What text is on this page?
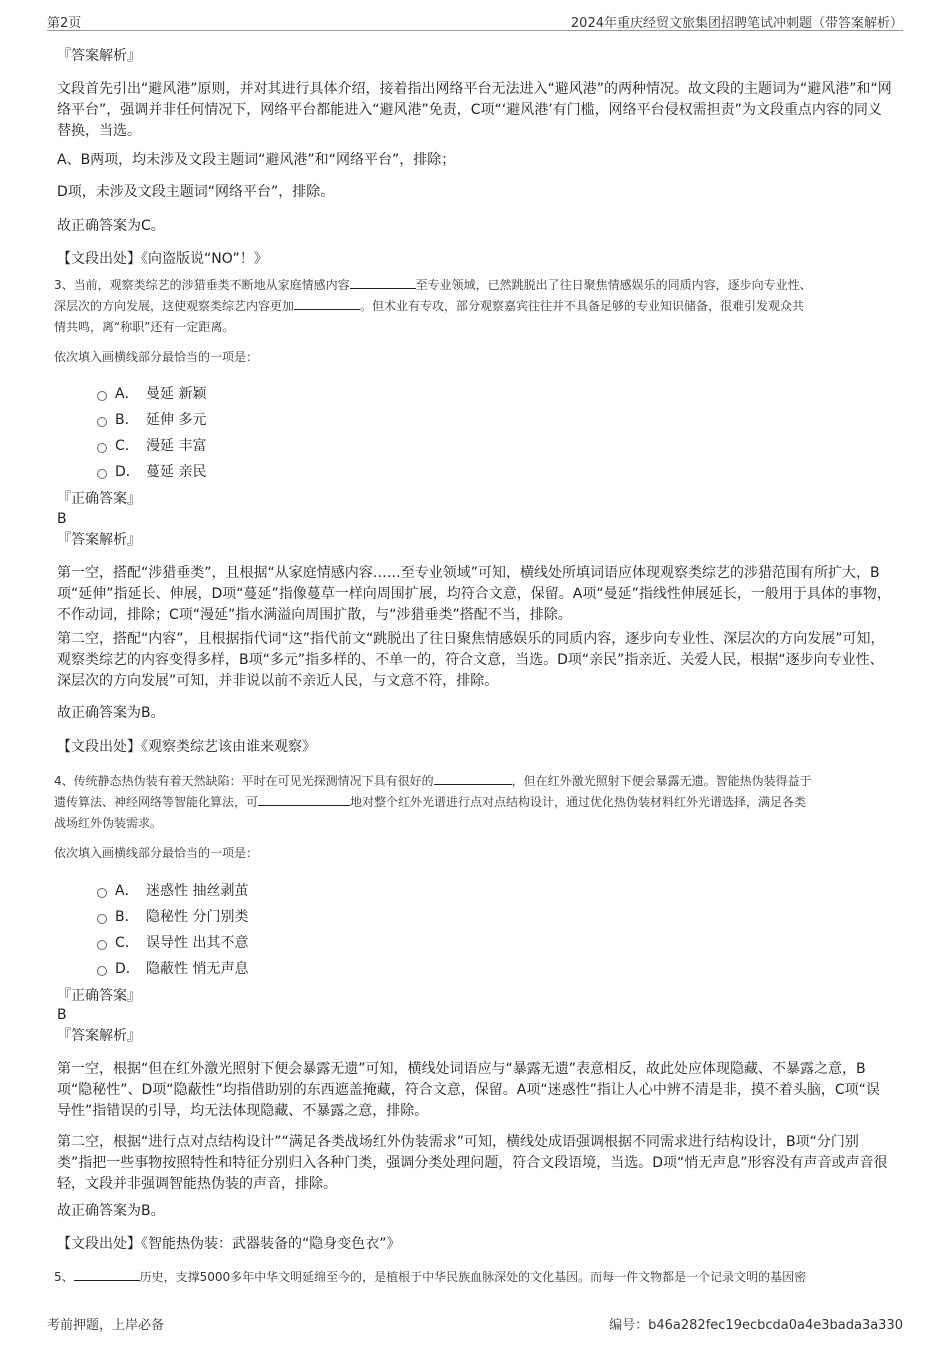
第2页	2024年重庆经贸文旅集团招聘笔试冲刺题（带答案解析）

『答案解析』

文段首先引出“避风港”原则，并对其进行具体介绍，接着指出网络平台无法进入“避风港”的两种情况。故文段的主题词为“避风港”和“网络平台”，强调并非任何情况下，网络平台都能进入“避风港”免责，C项“‘避风港’有门槛，网络平台侵权需担责”为文段重点内容的同义替换，当选。

A、B两项，均未涉及文段主题词“避风港”和“网络平台”，排除；

D项，未涉及文段主题词“网络平台”，排除。

故正确答案为C。

【文段出处】《向盗版说“NO”！》

3、当前，观察类综艺的涉猎垂类不断地从家庭情感内容	至专业领域，已然跳脱出了往日聚焦情感娱乐的同质内容，逐步向专业性、
深层次的方向发展，这使观察类综艺内容更加	。但术业有专攻，部分观察嘉宾往往并不具备足够的专业知识储备，很难引发观众共
情共鸣，离“称职”还有一定距离。

依次填入画横线部分最恰当的一项是：

A． 曼延 新颖
B． 延伸 多元
C． 漫延 丰富
D． 蔓延 亲民

『正确答案』

B

『答案解析』

第一空，搭配“涉猎垂类”，且根据“从家庭情感内容……至专业领域”可知，横线处所填词语应体现观察类综艺的涉猎范围有所扩大，B项“延伸”指延长、伸展，D项“蔓延”指像蔓草一样向周围扩展，均符合文意，保留。A项“曼延”指线性伸展延长，一般用于具体的事物，不作动词，排除；C项“漫延”指水满溢向周围扩散，与“涉猎垂类”搭配不当，排除。

第二空，搭配“内容”，且根据指代词“这”指代前文“跳脱出了往日聚焦情感娱乐的同质内容，逐步向专业性、深层次的方向发展”可知，观察类综艺的内容变得多样，B项“多元”指多样的、不单一的，符合文意，当选。D项“亲民”指亲近、关爱人民，根据“逐步向专业性、深层次的方向发展”可知，并非说以前不亲近人民，与文意不符，排除。

故正确答案为B。

【文段出处】《观察类综艺该由谁来观察》

4、传统静态热伪装有着天然缺陷：平时在可见光探测情况下具有很好的	，但在红外激光照射下便会暴露无遗。智能热伪装得益于
遗传算法、神经网络等智能化算法，可	地对整个红外光谱进行点对点结构设计，通过优化热伪装材料红外光谱选择，满足各类
战场红外伪装需求。

依次填入画横线部分最恰当的一项是：

A． 迷惑性 抽丝剥茧
B． 隐秘性 分门别类
C． 误导性 出其不意
D． 隐蔽性 悄无声息

『正确答案』

B

『答案解析』

第一空，根据“但在红外激光照射下便会暴露无遗”可知，横线处词语应与“暴露无遗”表意相反，故此处应体现隐藏、不暴露之意，B项“隐秘性”、D项“隐蔽性”均指借助别的东西遮盖掩藏，符合文意，保留。A项“迷惑性”指让人心中辨不清是非，摸不着头脑，C项“误导性”指错误的引导，均无法体现隐藏、不暴露之意，排除。

第二空，根据“进行点对点结构设计”“满足各类战场红外伪装需求”可知，横线处成语强调根据不同需求进行结构设计，B项“分门别类”指把一些事物按照特性和特征分别归入各种门类，强调分类处理问题，符合文段语境，当选。D项“悄无声息”形容没有声音或声音很轻，文段并非强调智能热伪装的声音，排除。

故正确答案为B。

【文段出处】《智能热伪装：武器装备的“隐身变色衣”》

5、	历史，支撑5000多年中华文明延绵至今的，是植根于中华民族血脉深处的文化基因。而每一件文物都是一个记录文明的基因密

考前押题，上岸必备	编号：b46a282fec19ecbcda0a4e3bada3a330
